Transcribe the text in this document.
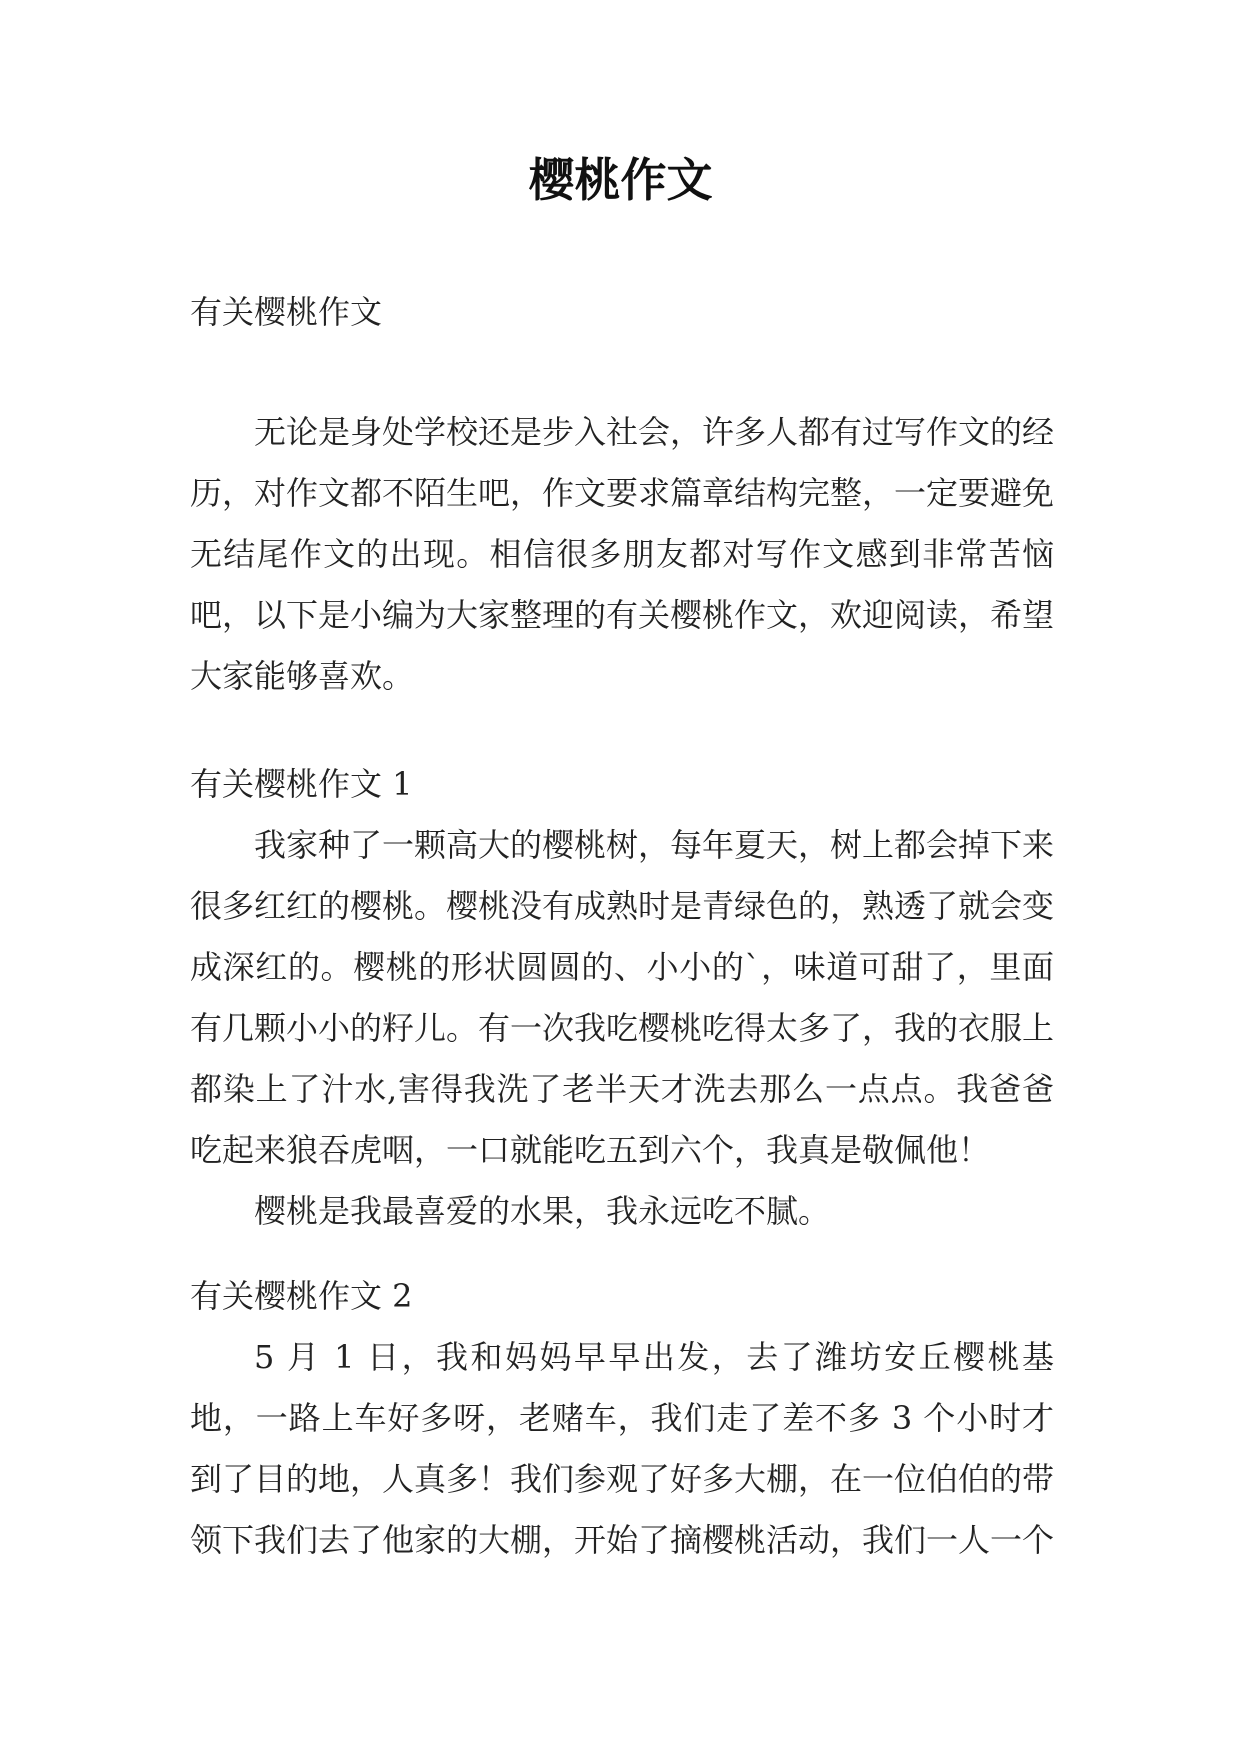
樱桃作文

有关樱桃作文

无论是身处学校还是步入社会，许多人都有过写作文的经历，对作文都不陌生吧，作文要求篇章结构完整，一定要避免无结尾作文的出现。相信很多朋友都对写作文感到非常苦恼吧，以下是小编为大家整理的有关樱桃作文，欢迎阅读，希望大家能够喜欢。

有关樱桃作文 1

我家种了一颗高大的樱桃树，每年夏天，树上都会掉下来很多红红的樱桃。樱桃没有成熟时是青绿色的，熟透了就会变成深红的。樱桃的形状圆圆的、小小的`，味道可甜了，里面有几颗小小的籽儿。有一次我吃樱桃吃得太多了，我的衣服上都染上了汁水,害得我洗了老半天才洗去那么一点点。我爸爸吃起来狼吞虎咽，一口就能吃五到六个，我真是敬佩他！

樱桃是我最喜爱的水果，我永远吃不腻。

有关樱桃作文 2

5 月 1 日，我和妈妈早早出发，去了潍坊安丘樱桃基地，一路上车好多呀，老赌车，我们走了差不多 3 个小时才到了目的地，人真多！我们参观了好多大棚，在一位伯伯的带领下我们去了他家的大棚，开始了摘樱桃活动，我们一人一个
